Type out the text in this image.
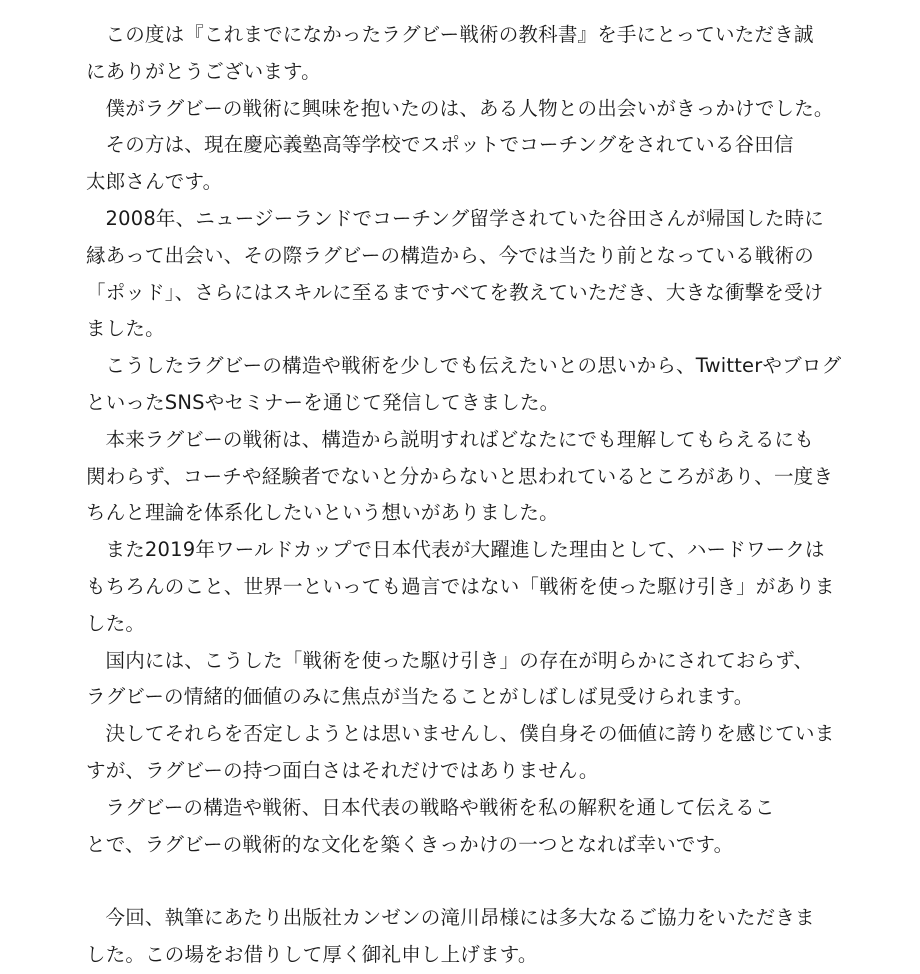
この度は『これまでになかったラグビー戦術の教科書』を手にとっていただき誠
にありがとうございます。

僕がラグビーの戦術に興味を抱いたのは、ある人物との出会いがきっかけでした。

その方は、現在慶応義塾高等学校でスポットでコーチングをされている谷田信
太郎さんです。

2008年、ニュージーランドでコーチング留学されていた谷田さんが帰国した時に
縁あって出会い、その際ラグビーの構造から、今では当たり前となっている戦術の
「ポッド」、さらにはスキルに至るまですべてを教えていただき、大きな衝撃を受け
ました。

こうしたラグビーの構造や戦術を少しでも伝えたいとの思いから、Twitterやブログ
といったSNSやセミナーを通じて発信してきました。

本来ラグビーの戦術は、構造から説明すればどなたにでも理解してもらえるにも
関わらず、コーチや経験者でないと分からないと思われているところがあり、一度き
ちんと理論を体系化したいという想いがありました。

また2019年ワールドカップで日本代表が大躍進した理由として、ハードワークは
もちろんのこと、世界一といっても過言ではない「戦術を使った駆け引き」がありま
した。

国内には、こうした「戦術を使った駆け引き」の存在が明らかにされておらず、
ラグビーの情緒的価値のみに焦点が当たることがしばしば見受けられます。

決してそれらを否定しようとは思いませんし、僕自身その価値に誇りを感じていま
すが、ラグビーの持つ面白さはそれだけではありません。

ラグビーの構造や戦術、日本代表の戦略や戦術を私の解釈を通して伝えることで、ラグビーの戦術的な文化を築くきっかけの一つとなれば幸いです。

今回、執筆にあたり出版社カンゼンの滝川昂様には多大なるご協力をいただきま
した。この場をお借りして厚く御礼申し上げます。
